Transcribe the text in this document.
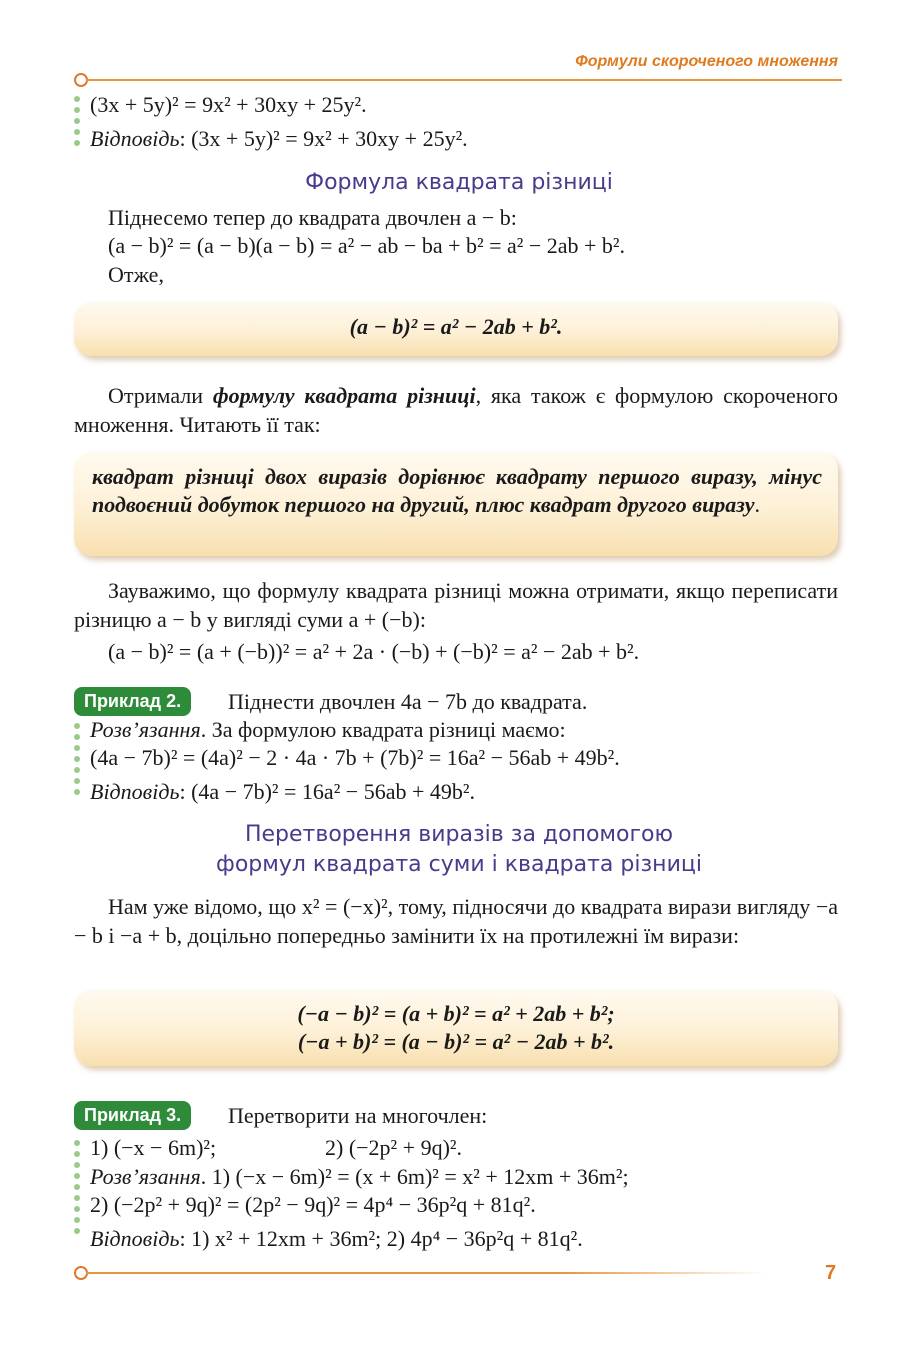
Формули скороченого множення
(3x + 5y)² = 9x² + 30xy + 25y².
Відповідь: (3x + 5y)² = 9x² + 30xy + 25y².
Формула квадрата різниці
Піднесемо тепер до квадрата двочлен a − b:
(a − b)² = (a − b)(a − b) = a² − ab − ba + b² = a² − 2ab + b².
Отже,
(a − b)² = a² − 2ab + b².
Отримали формулу квадрата різниці, яка також є формулою скороченого множення. Читають її так:
квадрат різниці двох виразів дорівнює квадрату першого виразу, мінус подвоєний добуток першого на другий, плюс квадрат другого виразу.
Зауважимо, що формулу квадрата різниці можна отримати, якщо переписати різницю a − b у вигляді суми a + (−b):
(a − b)² = (a + (−b))² = a² + 2a · (−b) + (−b)² = a² − 2ab + b².
Приклад 2.	Піднести двочлен 4a − 7b до квадрата.
Розв’язання. За формулою квадрата різниці маємо:
(4a − 7b)² = (4a)² − 2 · 4a · 7b + (7b)² = 16a² − 56ab + 49b².
Відповідь: (4a − 7b)² = 16a² − 56ab + 49b².
Перетворення виразів за допомогою
формул квадрата суми і квадрата різниці
Нам уже відомо, що x² = (−x)², тому, підносячи до квадрата вирази вигляду −a − b і −a + b, доцільно попередньо замінити їх на протилежні їм вирази:
(−a − b)² = (a + b)² = a² + 2ab + b²;
(−a + b)² = (a − b)² = a² − 2ab + b².
Приклад 3.	Перетворити на многочлен:
1) (−x − 6m)²;	2) (−2p² + 9q)².
Розв’язання. 1) (−x − 6m)² = (x + 6m)² = x² + 12xm + 36m²;
2) (−2p² + 9q)² = (2p² − 9q)² = 4p⁴ − 36p²q + 81q².
Відповідь: 1) x² + 12xm + 36m²; 2) 4p⁴ − 36p²q + 81q².
7
